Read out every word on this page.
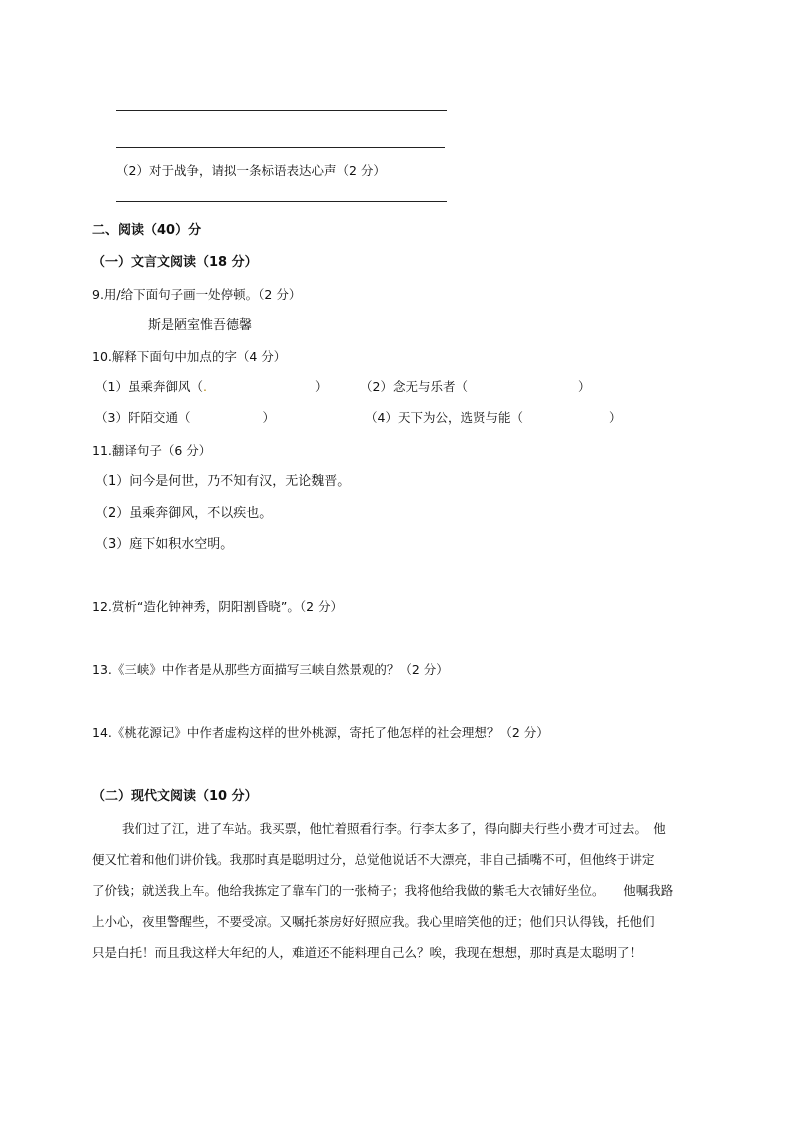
（2）对于战争，请拟一条标语表达心声（2 分）
二、阅读（40）分
（一）文言文阅读（18 分）
9.用/给下面句子画一处停顿。（2 分）
斯是陋室惟吾德馨
10.解释下面句中加点的字（4 分）
（1）虽乘奔御风（.	）	（2）念无与乐者（	）
（3）阡陌交通（	）	（4）天下为公，选贤与能（	）
11.翻译句子（6 分）
（1）问今是何世，乃不知有汉，无论魏晋。
（2）虽乘奔御风，不以疾也。
（3）庭下如积水空明。
12.赏析“造化钟神秀，阴阳割昏晓”。（2 分）
13.《三峡》中作者是从那些方面描写三峡自然景观的？（2 分）
14.《桃花源记》中作者虚构这样的世外桃源，寄托了他怎样的社会理想？（2 分）
（二）现代文阅读（10 分）
我们过了江，进了车站。我买票，他忙着照看行李。行李太多了，得向脚夫行些小费才可过去。　他
便又忙着和他们讲价钱。我那时真是聪明过分，总觉他说话不大漂亮，非自己插嘴不可，但他终于讲定
了价钱；就送我上车。他给我拣定了靠车门的一张椅子；我将他给我做的紫毛大衣铺好坐位。　　他嘱我路
上小心，夜里警醒些，不要受凉。又嘱托茶房好好照应我。我心里暗笑他的迂；他们只认得钱，托他们
只是白托！而且我这样大年纪的人，难道还不能料理自己么？唉，我现在想想，那时真是太聪明了！
